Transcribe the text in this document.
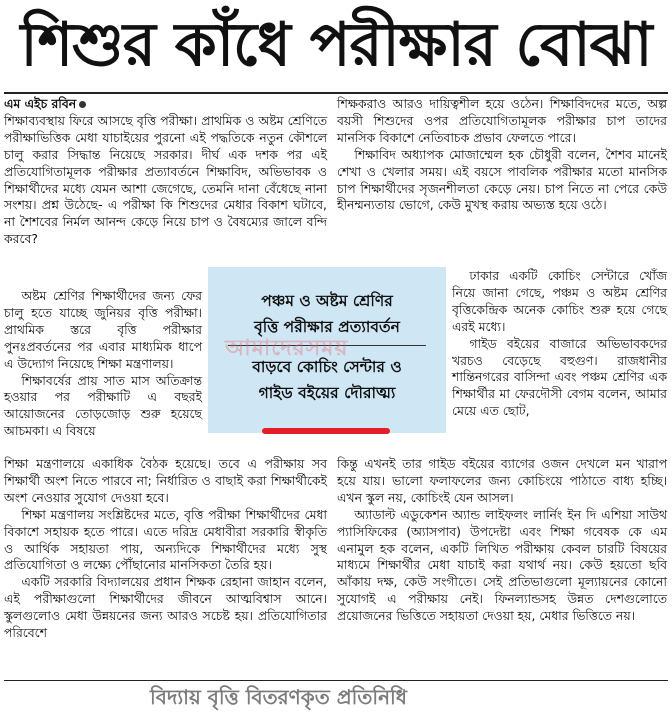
শিশুর কাঁধে পরীক্ষার বোঝা

এম এইচ রবিন

শিক্ষাব্যবস্থায় ফিরে আসছে বৃত্তি পরীক্ষা। প্রাথমিক ও অষ্টম শ্রেণিতে পরীক্ষাভিত্তিক মেধা যাচাইয়ের পুরনো এই পদ্ধতিকে নতুন কৌশলে চালু করার সিদ্ধান্ত নিয়েছে সরকার। দীর্ঘ এক দশক পর এই প্রতিযোগিতামূলক পরীক্ষার প্রত্যাবর্তনে শিক্ষাবিদ, অভিভাবক ও শিক্ষার্থীদের মধ্যে যেমন আশা জেগেছে, তেমনি দানা বেঁধেছে নানা সংশয়। প্রশ্ন উঠেছে- এ পরীক্ষা কি শিশুদের মেধার বিকাশ ঘটাবে, না শৈশবের নির্মল আনন্দ কেড়ে নিয়ে চাপ ও বৈষম্যের জালে বন্দি করবে?

অষ্টম শ্রেণির শিক্ষার্থীদের জন্য ফের চালু হতে যাচ্ছে জুনিয়র বৃত্তি পরীক্ষা। প্রাথমিক স্তরে বৃত্তি পরীক্ষার পুনঃপ্রবর্তনের পর এবার মাধ্যমিক ধাপে এ উদ্যোগ নিয়েছে শিক্ষা মন্ত্রণালয়।

শিক্ষাবর্ষের প্রায় সাত মাস অতিক্রান্ত হওয়ার পর পরীক্ষাটি এ বছরই আয়োজনের তোড়জোড় শুরু হয়েছে আচমকা। এ বিষয়ে

শিক্ষা মন্ত্রণালয়ে একাধিক বৈঠক হয়েছে। তবে এ পরীক্ষায় সব শিক্ষার্থী অংশ নিতে পারবে না; নির্ধারিত ও বাছাই করা শিক্ষার্থীকেই অংশ নেওয়ার সুযোগ দেওয়া হবে।

শিক্ষা মন্ত্রণালয় সংশ্লিষ্টদের মতে, বৃত্তি পরীক্ষা শিক্ষার্থীদের মেধা বিকাশে সহায়ক হতে পারে। এতে দরিদ্র মেধাবীরা সরকারি স্বীকৃতি ও আর্থিক সহায়তা পায়, অন্যদিকে শিক্ষার্থীদের মধ্যে সুস্থ প্রতিযোগিতা ও লক্ষ্যে পৌঁছানোর মানসিকতা তৈরি হয়।

একটি সরকারি বিদ্যালয়ের প্রধান শিক্ষক রেহানা জাহান বলেন, এই পরীক্ষাগুলো শিক্ষার্থীদের জীবনে আত্মবিশ্বাস আনে। স্কুলগুলোও মেধা উন্নয়নের জন্য আরও সচেষ্ট হয়। প্রতিযোগিতার পরিবেশে

শিক্ষকরাও আরও দায়িত্বশীল হয়ে ওঠেন। শিক্ষাবিদদের মতে, অল্প বয়সী শিশুদের ওপর প্রতিযোগিতামূলক পরীক্ষার চাপ তাদের মানসিক বিকাশে নেতিবাচক প্রভাব ফেলতে পারে।

শিক্ষাবিদ অধ্যাপক মোজাম্মেল হক চৌধুরী বলেন, শৈশব মানেই শেখা ও খেলার সময়। এই বয়সে পাবলিক পরীক্ষার মতো মানসিক চাপ শিক্ষার্থীদের সৃজনশীলতা কেড়ে নেয়। চাপ নিতে না পেরে কেউ হীনম্মন্যতায় ভোগে, কেউ মুখস্থ করায় অভ্যস্ত হয়ে ওঠে।

ঢাকার একটি কোচিং সেন্টারে খোঁজ নিয়ে জানা গেছে, পঞ্চম ও অষ্টম শ্রেণির বৃত্তিকেন্দ্রিক অনেক কোচিং শুরু হয়ে গেছে এরই মধ্যে।

গাইড বইয়ের বাজারে অভিভাবকদের খরচও বেড়েছে বহুগুণ। রাজধানীর শান্তিনগরের বাসিন্দা এবং পঞ্চম শ্রেণির এক শিক্ষার্থীর মা ফেরদৌসী বেগম বলেন, আমার মেয়ে এত ছোট,

কিন্তু এখনই তার গাইড বইয়ের ব্যাগের ওজন দেখলে মন খারাপ হয়ে যায়। ভালো ফলাফলের জন্য কোচিংয়ে পাঠাতে বাধ্য হচ্ছি। এখন স্কুল নয়, কোচিংই যেন আসল।

অ্যাডাল্ট এডুকেশন অ্যান্ড লাইফলং লার্নিং ইন দি এশিয়া সাউথ প্যাসিফিকের (অ্যাসপাব) উপদেষ্টা এবং শিক্ষা গবেষক কে এম এনামুল হক বলেন, একটি লিখিত পরীক্ষায় কেবল চারটি বিষয়ের মাধ্যমে শিক্ষার্থীর মেধা যাচাই করা যথার্থ নয়। কেউ হয়তো ছবি আঁকায় দক্ষ, কেউ সংগীতে। সেই প্রতিভাগুলো মূল্যায়নের কোনো সুযোগই এ পরীক্ষায় নেই। ফিনল্যান্ডসহ উন্নত দেশগুলোতে প্রয়োজনের ভিত্তিতে সহায়তা দেওয়া হয়, মেধার ভিত্তিতে নয়।

পঞ্চম ও অষ্টম শ্রেণির
বৃত্তি পরীক্ষার প্রত্যাবর্তন
বাড়বে কোচিং সেন্টার ও
গাইড বইয়ের দৌরাত্ম্য
আমাদেরসময়
বিদ্যায় বৃত্তি বিতরণকৃত প্রতিনিধি
